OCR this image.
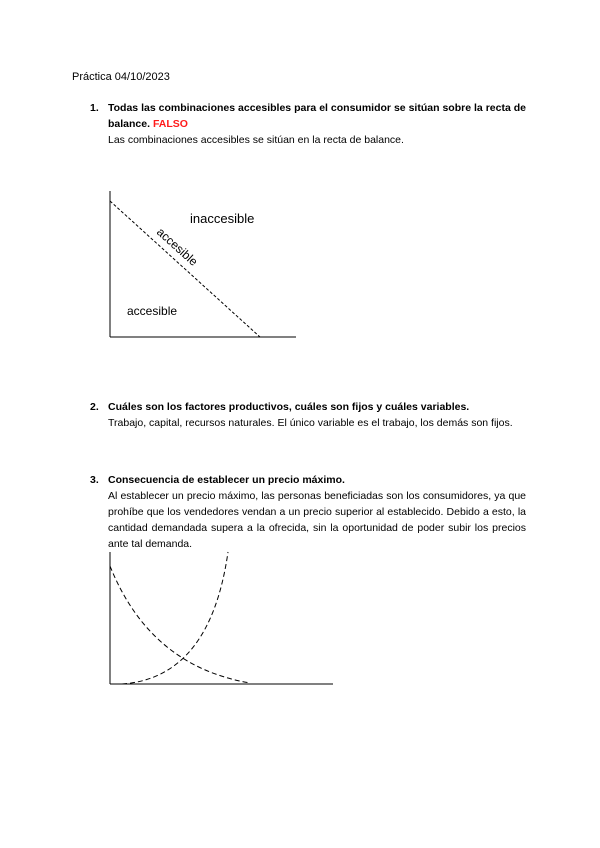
Práctica 04/10/2023
1. Todas las combinaciones accesibles para el consumidor se sitúan sobre la recta de balance. FALSO
Las combinaciones accesibles se sitúan en la recta de balance.
inaccesible
accesible
accesible
2. Cuáles son los factores productivos, cuáles son fijos y cuáles variables.
Trabajo, capital, recursos naturales. El único variable es el trabajo, los demás son fijos.
3. Consecuencia de establecer un precio máximo.
Al establecer un precio máximo, las personas beneficiadas son los consumidores, ya que prohíbe que los vendedores vendan a un precio superior al establecido. Debido a esto, la cantidad demandada supera a la ofrecida, sin la oportunidad de poder subir los precios ante tal demanda.
